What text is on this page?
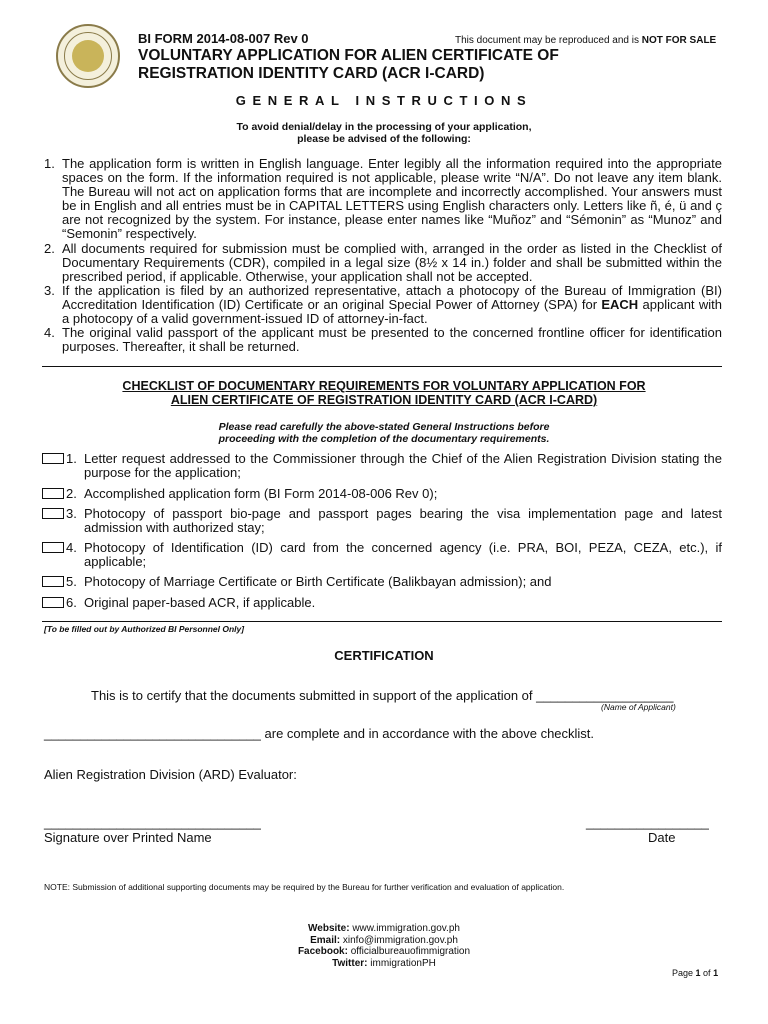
BI FORM 2014-08-007 Rev 0	This document may be reproduced and is NOT FOR SALE
VOLUNTARY APPLICATION FOR ALIEN CERTIFICATE OF
REGISTRATION IDENTITY CARD (ACR I-CARD)
GENERAL INSTRUCTIONS
To avoid denial/delay in the processing of your application,
please be advised of the following:
1. The application form is written in English language. Enter legibly all the information required into the appropriate spaces on the form. If the information required is not applicable, please write “N/A”. Do not leave any item blank. The Bureau will not act on application forms that are incomplete and incorrectly accomplished. Your answers must be in English and all entries must be in CAPITAL LETTERS using English characters only. Letters like ñ, é, ü and ç are not recognized by the system. For instance, please enter names like “Muñoz” and “Sémonin” as “Munoz” and “Semonin” respectively.
2. All documents required for submission must be complied with, arranged in the order as listed in the Checklist of Documentary Requirements (CDR), compiled in a legal size (8½ x 14 in.) folder and shall be submitted within the prescribed period, if applicable. Otherwise, your application shall not be accepted.
3. If the application is filed by an authorized representative, attach a photocopy of the Bureau of Immigration (BI) Accreditation Identification (ID) Certificate or an original Special Power of Attorney (SPA) for EACH applicant with a photocopy of a valid government-issued ID of attorney-in-fact.
4. The original valid passport of the applicant must be presented to the concerned frontline officer for identification purposes. Thereafter, it shall be returned.
CHECKLIST OF DOCUMENTARY REQUIREMENTS FOR VOLUNTARY APPLICATION FOR
ALIEN CERTIFICATE OF REGISTRATION IDENTITY CARD (ACR I-CARD)
Please read carefully the above-stated General Instructions before
proceeding with the completion of the documentary requirements.
1. Letter request addressed to the Commissioner through the Chief of the Alien Registration Division stating the purpose for the application;
2. Accomplished application form (BI Form 2014-08-006 Rev 0);
3. Photocopy of passport bio-page and passport pages bearing the visa implementation page and latest admission with authorized stay;
4. Photocopy of Identification (ID) card from the concerned agency (i.e. PRA, BOI, PEZA, CEZA, etc.), if applicable;
5. Photocopy of Marriage Certificate or Birth Certificate (Balikbayan admission); and
6. Original paper-based ACR, if applicable.
[To be filled out by Authorized BI Personnel Only]
CERTIFICATION
This is to certify that the documents submitted in support of the application of ___________________
(Name of Applicant)
______________________________ are complete and in accordance with the above checklist.
Alien Registration Division (ARD) Evaluator:
______________________________
Signature over Printed Name
_________________
Date
NOTE: Submission of additional supporting documents may be required by the Bureau for further verification and evaluation of application.
Website: www.immigration.gov.ph
Email: xinfo@immigration.gov.ph
Facebook: officialbureauofimmigration
Twitter: immigrationPH
Page 1 of 1
